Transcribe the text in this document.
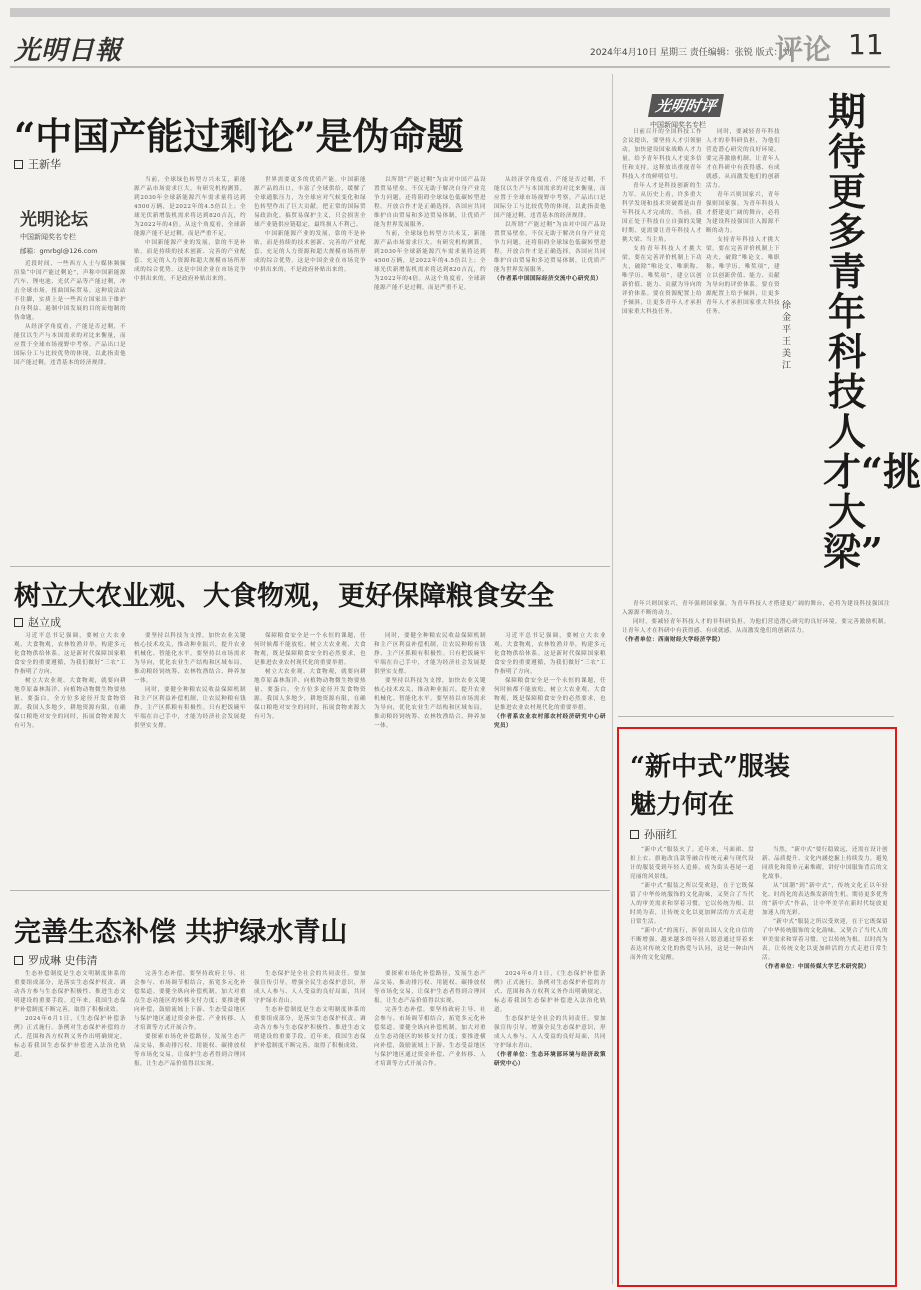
光明日報	2024年4月10日 星期三 责任编辑：张锐 版式：刘
评论 11
“中国产能过剩论”是伪命题
王新华
光明论坛
中国新闻奖名专栏
邮箱：gmrbgl@126.com

近段时间，一些西方人士与媒体频频渲染“中国产能过剩论”，声称中国新能源汽车、锂电池、光伏产品等产能过剩，冲击全球市场，扭曲国际贸易。这种说法站不住脚，实质上是一些西方国家出于维护自身利益、遏制中国发展的目的而炮制的伪命题。

从经济学角度看，产能是否过剩，不能仅以生产与本国需求的对比来衡量，而应置于全球市场视野中考察。产品出口是国际分工与比较优势的体现，以此指责他国产能过剩，违背基本的经济规律。

当前，全球绿色转型方兴未艾，新能源产品市场需求巨大。有研究机构测算，到2030年全球新能源汽车需求量将达到4500万辆，是2022年的4.5倍以上；全球光伏新增装机需求将达到820吉瓦，约为2022年的4倍。从这个角度看，全球新能源产能不是过剩，而是严重不足。

中国新能源产业的发展，靠的不是补贴，而是持续的技术创新、完善的产业配套、充足的人力资源和超大规模市场所形成的综合优势。这是中国企业在市场竞争中拼出来的，不是政府补贴出来的。

世界需要更多的优质产能。中国新能源产品的出口，丰富了全球供给，缓解了全球通胀压力，为全球应对气候变化和绿色转型作出了巨大贡献。把正常的国际贸易政治化，搞贸易保护主义，只会损害全球产业链供应链稳定，最终损人不利己。

中国新能源产业的发展，靠的不是补贴，而是持续的技术创新、完善的产业配套、充足的人力资源和超大规模市场所形成的综合优势。这是中国企业在市场竞争中拼出来的，不是政府补贴出来的。

以所谓“产能过剩”为由对中国产品设置贸易壁垒，不仅无助于解决自身产业竞争力问题，还将阻碍全球绿色低碳转型进程。开放合作才是正确选择，各国应共同维护自由贸易和多边贸易体制，让优质产能为世界发展服务。

当前，全球绿色转型方兴未艾，新能源产品市场需求巨大。有研究机构测算，到2030年全球新能源汽车需求量将达到4500万辆，是2022年的4.5倍以上；全球光伏新增装机需求将达到820吉瓦，约为2022年的4倍。从这个角度看，全球新能源产能不是过剩，而是严重不足。

从经济学角度看，产能是否过剩，不能仅以生产与本国需求的对比来衡量，而应置于全球市场视野中考察。产品出口是国际分工与比较优势的体现，以此指责他国产能过剩，违背基本的经济规律。

以所谓“产能过剩”为由对中国产品设置贸易壁垒，不仅无助于解决自身产业竞争力问题，还将阻碍全球绿色低碳转型进程。开放合作才是正确选择，各国应共同维护自由贸易和多边贸易体制，让优质产能为世界发展服务。

（作者系中国国际经济交流中心研究员）

树立大农业观、大食物观，更好保障粮食安全
赵立成

习近平总书记强调，要树立大农业观、大食物观，农林牧渔并举，构建多元化食物供给体系。这是新时代保障国家粮食安全的重要遵循，为我们做好“三农”工作指明了方向。

树立大农业观、大食物观，就要向耕地草原森林海洋、向植物动物微生物要热量、要蛋白，全方位多途径开发食物资源。我国人多地少，耕地资源有限，在确保口粮绝对安全的同时，拓展食物来源大有可为。

要坚持以科技为支撑，加快农业关键核心技术攻关，推动种业振兴，提升农业机械化、智能化水平。要坚持以市场需求为导向，优化农业生产结构和区域布局，推动粮经饲统筹、农林牧渔结合、种养加一体。

同时，要健全种粮农民收益保障机制和主产区利益补偿机制，让农民种粮有钱挣、主产区抓粮有积极性。只有把饭碗牢牢端在自己手中，才能为经济社会发展提供坚实支撑。

保障粮食安全是一个永恒的课题，任何时候都不能放松。树立大农业观、大食物观，既是保障粮食安全的必然要求，也是推进农业农村现代化的重要举措。

树立大农业观、大食物观，就要向耕地草原森林海洋、向植物动物微生物要热量、要蛋白，全方位多途径开发食物资源。我国人多地少，耕地资源有限，在确保口粮绝对安全的同时，拓展食物来源大有可为。

同时，要健全种粮农民收益保障机制和主产区利益补偿机制，让农民种粮有钱挣、主产区抓粮有积极性。只有把饭碗牢牢端在自己手中，才能为经济社会发展提供坚实支撑。

要坚持以科技为支撑，加快农业关键核心技术攻关，推动种业振兴，提升农业机械化、智能化水平。要坚持以市场需求为导向，优化农业生产结构和区域布局，推动粮经饲统筹、农林牧渔结合、种养加一体。

习近平总书记强调，要树立大农业观、大食物观，农林牧渔并举，构建多元化食物供给体系。这是新时代保障国家粮食安全的重要遵循，为我们做好“三农”工作指明了方向。

保障粮食安全是一个永恒的课题，任何时候都不能放松。树立大农业观、大食物观，既是保障粮食安全的必然要求，也是推进农业农村现代化的重要举措。

（作者系农业农村部农村经济研究中心研究员）

完善生态补偿 共护绿水青山
罗成琳 史伟清

生态补偿制度是生态文明制度体系的重要组成部分，是落实生态保护权责、调动各方参与生态保护积极性、推进生态文明建设的重要手段。近年来，我国生态保护补偿制度不断完善，取得了积极成效。

2024年6月1日，《生态保护补偿条例》正式施行。条例对生态保护补偿的方式、范围和各方权利义务作出明确规定，标志着我国生态保护补偿进入法治化轨道。

完善生态补偿，要坚持政府主导、社会参与、市场调节相结合，拓宽多元化补偿渠道。要健全纵向补偿机制，加大对重点生态功能区的转移支付力度；要推进横向补偿，鼓励流域上下游、生态受益地区与保护地区通过资金补偿、产业转移、人才培训等方式开展合作。

要探索市场化补偿路径，发展生态产品交易，推动排污权、用能权、碳排放权等市场化交易，让保护生态者得到合理回报，让生态产品价值得以实现。

生态保护是全社会的共同责任。要加强宣传引导，增强全民生态保护意识，形成人人参与、人人受益的良好局面，共同守护绿水青山。

生态补偿制度是生态文明制度体系的重要组成部分，是落实生态保护权责、调动各方参与生态保护积极性、推进生态文明建设的重要手段。近年来，我国生态保护补偿制度不断完善，取得了积极成效。

要探索市场化补偿路径，发展生态产品交易，推动排污权、用能权、碳排放权等市场化交易，让保护生态者得到合理回报，让生态产品价值得以实现。

完善生态补偿，要坚持政府主导、社会参与、市场调节相结合，拓宽多元化补偿渠道。要健全纵向补偿机制，加大对重点生态功能区的转移支付力度；要推进横向补偿，鼓励流域上下游、生态受益地区与保护地区通过资金补偿、产业转移、人才培训等方式开展合作。

2024年6月1日，《生态保护补偿条例》正式施行。条例对生态保护补偿的方式、范围和各方权利义务作出明确规定，标志着我国生态保护补偿进入法治化轨道。

生态保护是全社会的共同责任。要加强宣传引导，增强全民生态保护意识，形成人人参与、人人受益的良好局面，共同守护绿水青山。

（作者单位：生态环境部环境与经济政策研究中心）

光明时评
中国新闻奖名专栏	期待更多青年科技人才“挑大梁”
徐金平 王美江

日前召开的全国科技工作会议提出，要坚持人才引领驱动，加快建设国家战略人才力量，给予青年科技人才更多信任和支持。这释放出重视青年科技人才的鲜明信号。

青年人才是科技创新的生力军。从历史上看，许多重大科学发现和技术突破都是由青年科技人才完成的。当前，我国正处于科技自立自强的关键时期，更需要让青年科技人才挑大梁、当主角。

支持青年科技人才挑大梁，要在完善评价机制上下功夫，破除“唯论文、唯职称、唯学历、唯奖项”，建立以创新价值、能力、贡献为导向的评价体系。要在资源配置上给予倾斜，让更多青年人才承担国家重大科技任务。

同时，要减轻青年科技人才的非科研负担，为他们营造潜心研究的良好环境。要完善激励机制，让青年人才在科研中有获得感、有成就感，从而激发他们的创新活力。

青年兴则国家兴，青年强则国家强。为青年科技人才搭建更广阔的舞台，必将为建设科技强国注入源源不断的动力。

支持青年科技人才挑大梁，要在完善评价机制上下功夫，破除“唯论文、唯职称、唯学历、唯奖项”，建立以创新价值、能力、贡献为导向的评价体系。要在资源配置上给予倾斜，让更多青年人才承担国家重大科技任务。

青年兴则国家兴，青年强则国家强。为青年科技人才搭建更广阔的舞台，必将为建设科技强国注入源源不断的动力。

同时，要减轻青年科技人才的非科研负担，为他们营造潜心研究的良好环境。要完善激励机制，让青年人才在科研中有获得感、有成就感，从而激发他们的创新活力。

（作者单位：西南财经大学经济学院）

“新中式”服装
魅力何在
孙丽红

“新中式”服装火了。近年来，马面裙、盘扣上衣、旗袍改良款等融合传统元素与现代设计的服装受到年轻人追捧，成为街头巷尾一道亮丽的风景线。

“新中式”服装之所以受欢迎，在于它既保留了中华传统服饰的文化韵味，又契合了当代人的审美需求和穿着习惯。它以传统为根、以时尚为表，让传统文化以更加鲜活的方式走进日常生活。

“新中式”的流行，折射出国人文化自信的不断增强。越来越多的年轻人愿意通过穿着来表达对传统文化的热爱与认同，这是一种由内而外的文化觉醒。

当然，“新中式”要行稳致远，还需在设计创新、品质提升、文化内涵挖掘上持续发力，避免同质化和简单元素堆砌，讲好中国服饰背后的文化故事。

从“国潮”到“新中式”，传统文化正以年轻化、时尚化的表达焕发新的生机。期待更多优秀的“新中式”作品，让中华美学在新时代绽放更加迷人的光彩。

“新中式”服装之所以受欢迎，在于它既保留了中华传统服饰的文化韵味，又契合了当代人的审美需求和穿着习惯。它以传统为根、以时尚为表，让传统文化以更加鲜活的方式走进日常生活。

（作者单位：中国传媒大学艺术研究院）
